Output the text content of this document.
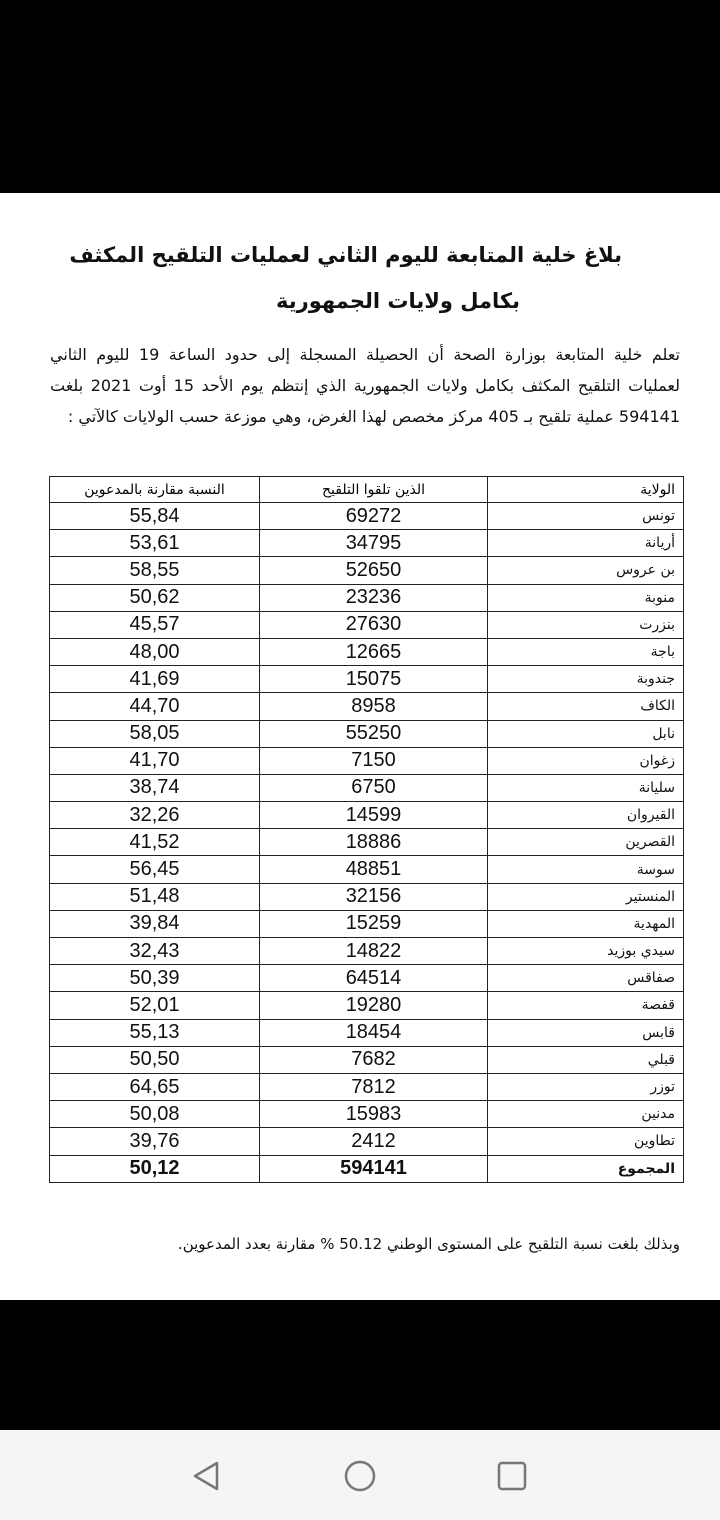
بلاغ خلية المتابعة لليوم الثاني لعمليات التلقيح المكثف
بكامل ولايات الجمهورية
تعلم خلية المتابعة بوزارة الصحة أن الحصيلة المسجلة إلى حدود الساعة 19 لليوم الثاني لعمليات التلقيح المكثف بكامل ولايات الجمهورية الذي إنتظم يوم الأحد 15 أوت 2021 بلغت 594141 عملية تلقيح بـ 405 مركز مخصص لهذا الغرض، وهي موزعة حسب الولايات كالآتي :
النسبة مقارنة بالمدعوين	الذين تلقوا التلقيح	الولاية
55,84	69272	تونس
53,61	34795	أريانة
58,55	52650	بن عروس
50,62	23236	منوبة
45,57	27630	بنزرت
48,00	12665	باجة
41,69	15075	جندوبة
44,70	8958	الكاف
58,05	55250	نابل
41,70	7150	زغوان
38,74	6750	سليانة
32,26	14599	القيروان
41,52	18886	القصرين
56,45	48851	سوسة
51,48	32156	المنستير
39,84	15259	المهدية
32,43	14822	سيدي بوزيد
50,39	64514	صفاقس
52,01	19280	قفصة
55,13	18454	قابس
50,50	7682	قبلي
64,65	7812	توزر
50,08	15983	مدنين
39,76	2412	تطاوين
50,12	594141	المجموع
وبذلك بلغت نسبة التلقيح على المستوى الوطني 50.12 % مقارنة بعدد المدعوين.
